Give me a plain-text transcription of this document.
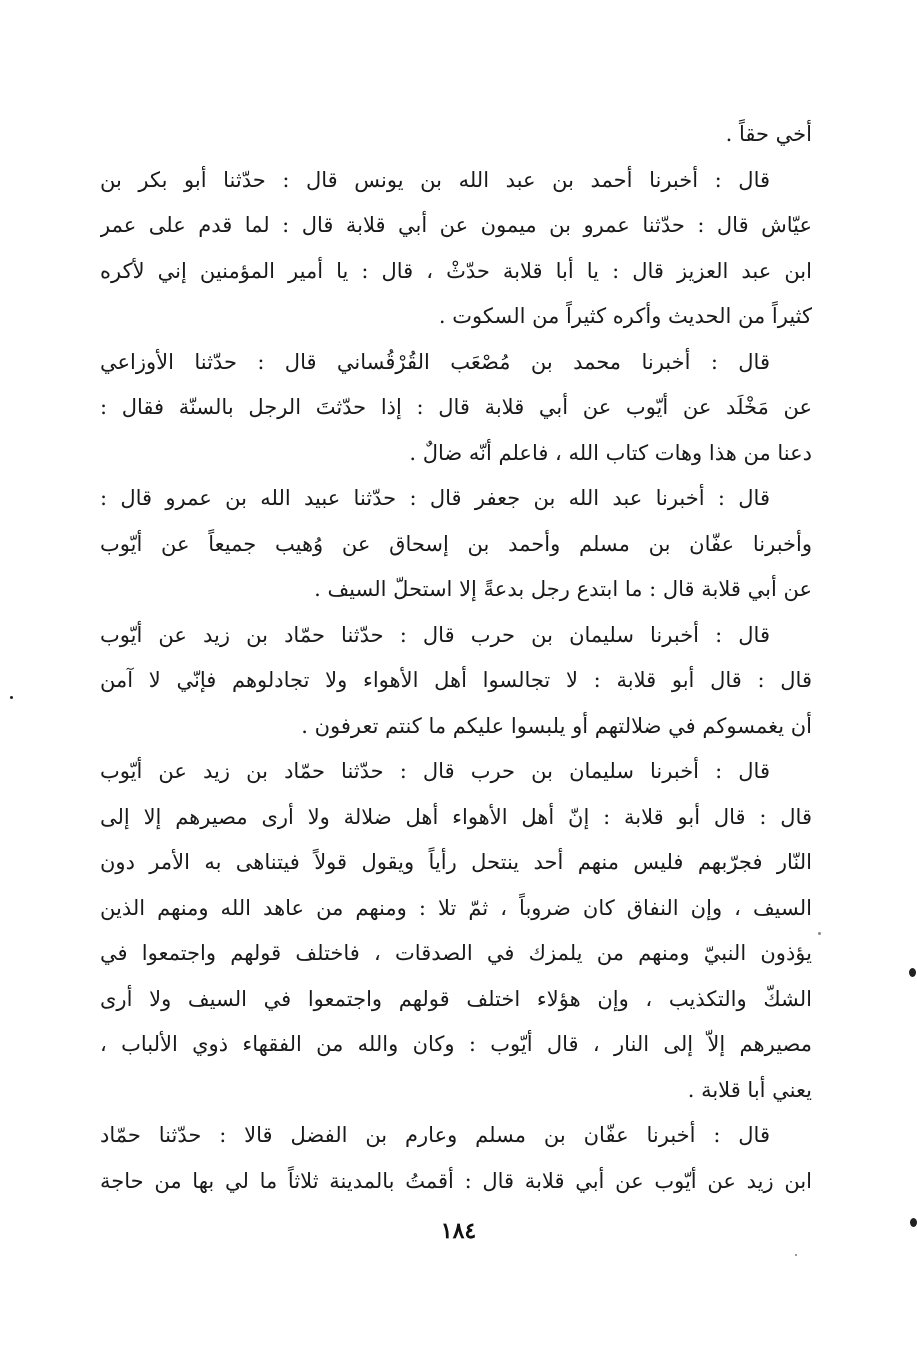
أخي حقاً .
قال : أخبرنا أحمد بن عبد الله بن يونس قال : حدّثنا أبو بكر بن
عيّاش قال : حدّثنا عمرو بن ميمون عن أبي قلابة قال : لما قدم على عمر
ابن عبد العزيز قال : يا أبا قلابة حدّثْ ، قال : يا أمير المؤمنين إني لأكره
كثيراً من الحديث وأكره كثيراً من السكوت .
قال : أخبرنا محمد بن مُصْعَب القُرْقُساني قال : حدّثنا الأوزاعي
عن مَخْلَد عن أيّوب عن أبي قلابة قال : إذا حدّثتَ الرجل بالسنّة فقال :
دعنا من هذا وهات كتاب الله ، فاعلم أنّه ضالٌ .
قال : أخبرنا عبد الله بن جعفر قال : حدّثنا عبيد الله بن عمرو قال :
وأخبرنا عفّان بن مسلم وأحمد بن إسحاق عن وُهيب جميعاً عن أيّوب
عن أبي قلابة قال : ما ابتدع رجل بدعةً إلا استحلّ السيف .
قال : أخبرنا سليمان بن حرب قال : حدّثنا حمّاد بن زيد عن أيّوب
قال : قال أبو قلابة : لا تجالسوا أهل الأهواء ولا تجادلوهم فإنّي لا آمن
أن يغمسوكم في ضلالتهم أو يلبسوا عليكم ما كنتم تعرفون .
قال : أخبرنا سليمان بن حرب قال : حدّثنا حمّاد بن زيد عن أيّوب
قال : قال أبو قلابة : إنّ أهل الأهواء أهل ضلالة ولا أرى مصيرهم إلا إلى
النّار فجرّبهم فليس منهم أحد ينتحل رأياً ويقول قولاً فيتناهى به الأمر دون
السيف ، وإن النفاق كان ضروباً ، ثمّ تلا : ومنهم من عاهد الله ومنهم الذين
يؤذون النبيّ ومنهم من يلمزك في الصدقات ، فاختلف قولهم واجتمعوا في
الشكّ والتكذيب ، وإن هؤلاء اختلف قولهم واجتمعوا في السيف ولا أرى
مصيرهم إلاّ إلى النار ، قال أيّوب : وكان والله من الفقهاء ذوي الألباب ،
يعني أبا قلابة .
قال : أخبرنا عفّان بن مسلم وعارم بن الفضل قالا : حدّثنا حمّاد
ابن زيد عن أيّوب عن أبي قلابة قال : أقمتُ بالمدينة ثلاثاً ما لي بها من حاجة
١٨٤
